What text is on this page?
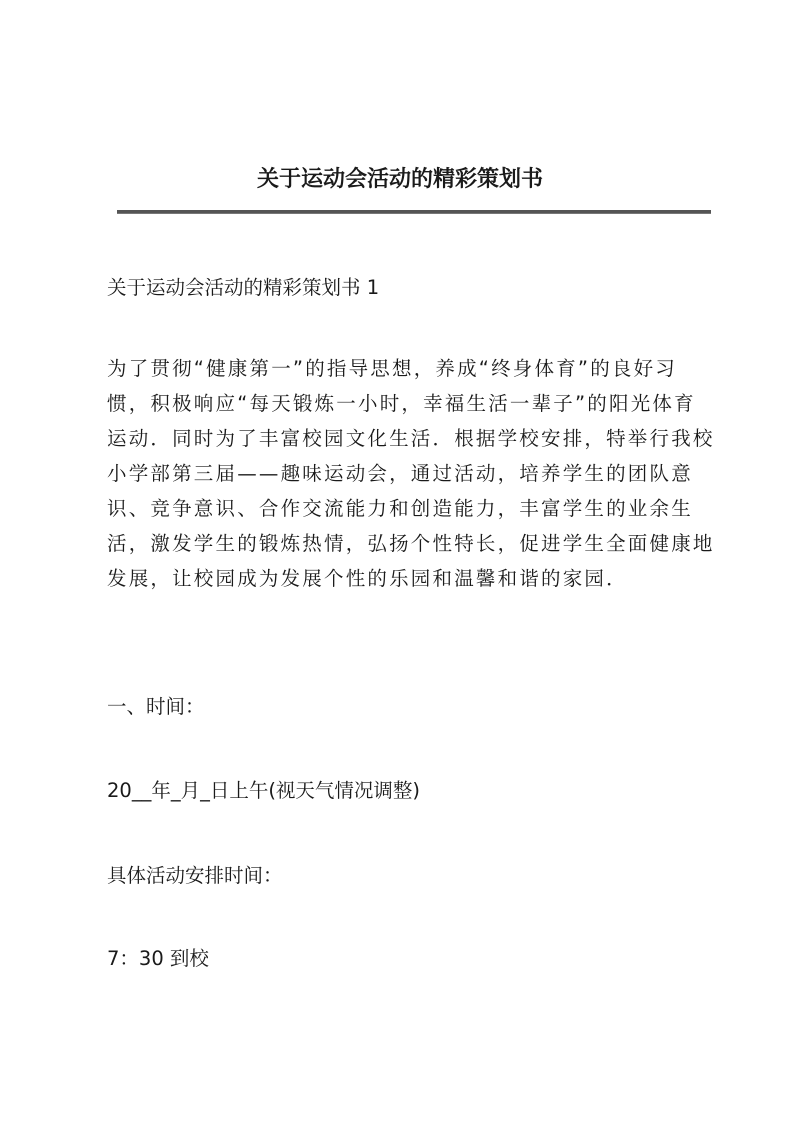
关于运动会活动的精彩策划书
关于运动会活动的精彩策划书 1
为了贯彻“健康第一”的指导思想，养成“终身体育”的良好习
惯，积极响应“每天锻炼一小时，幸福生活一辈子”的阳光体育
运动．同时为了丰富校园文化生活．根据学校安排，特举行我校
小学部第三届——趣味运动会，通过活动，培养学生的团队意
识、竞争意识、合作交流能力和创造能力，丰富学生的业余生
活，激发学生的锻炼热情，弘扬个性特长，促进学生全面健康地
发展，让校园成为发展个性的乐园和温馨和谐的家园．
一、时间：
20__年_月_日上午(视天气情况调整)
具体活动安排时间：
7：30 到校
